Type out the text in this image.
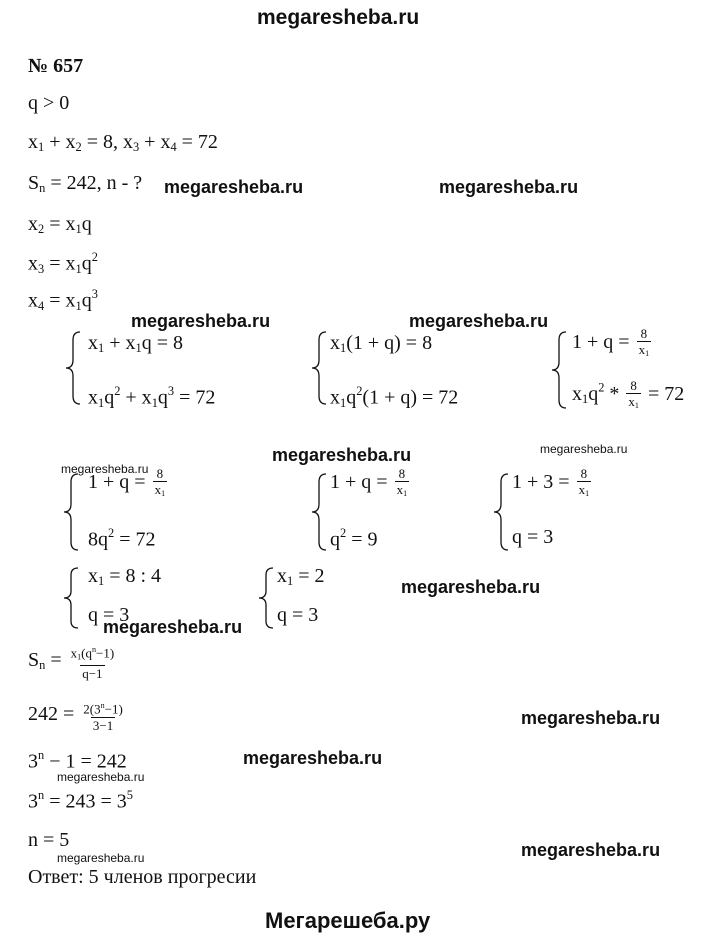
megaresheba.ru
№ 657
q > 0
$x_1 + x_2 = 8$, $x_3 + x_4 = 72$
$S_n = 242$, n - ? megaresheba.ru	megaresheba.ru
$x_2 = x_1q$
$x_3 = x_1q^2$
$x_4 = x_1q^3$
megaresheba.ru	megaresheba.ru
$x_1 + x_1q = 8$
$x_1q^2 + x_1q^3 = 72$
$x_1(1 + q) = 8$
$x_1q^2(1 + q) = 72$
$1 + q = \frac{8}{x_1}$
$x_1q^2 * \frac{8}{x_1} = 72$
megaresheba.ru	megaresheba.ru
megaresheba.ru
$1 + q = \frac{8}{x_1}$
$8q^2 = 72$
$1 + q = \frac{8}{x_1}$
$q^2 = 9$
$1 + 3 = \frac{8}{x_1}$
q = 3
$x_1 = 8$ : 4
q = 3
$x_1 = 2$
q = 3
megaresheba.ru
megaresheba.ru
$S_n = \frac{x_1(q^n-1)}{q-1}$
$242 = \frac{2(3^n-1)}{3-1}$	megaresheba.ru
$3^n - 1 = 242$	megaresheba.ru
megaresheba.ru
$3^n = 243 = 3^5$
n = 5
megaresheba.ru	megaresheba.ru
Ответ: 5 членов прогресии
Мегарешеба.ру
